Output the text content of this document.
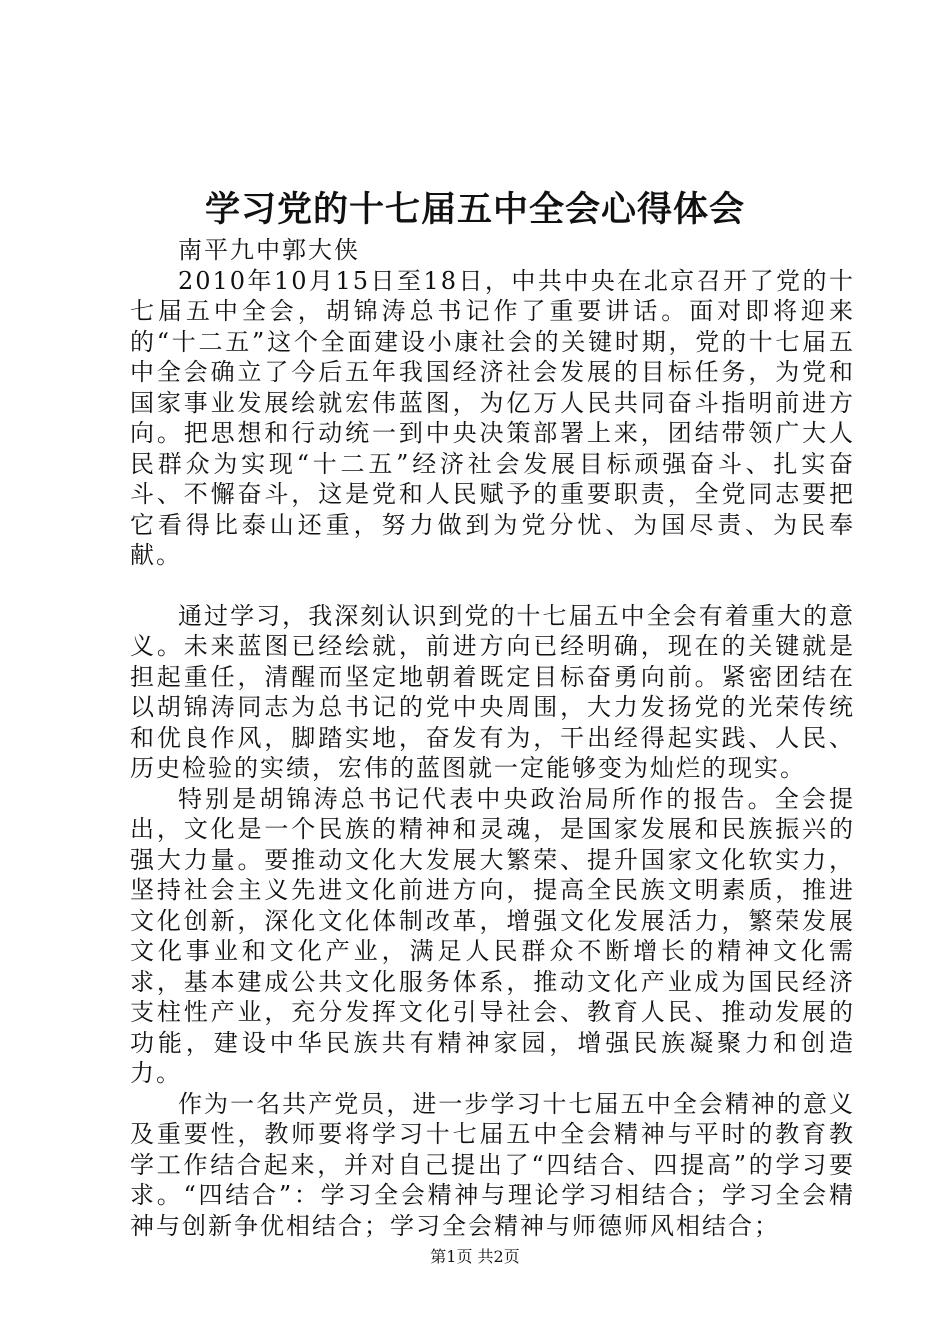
学习党的十七届五中全会心得体会

南平九中郭大侠

2010年10月15日至18日，中共中央在北京召开了党的十七届五中全会，胡锦涛总书记作了重要讲话。面对即将迎来的“十二五”这个全面建设小康社会的关键时期，党的十七届五中全会确立了今后五年我国经济社会发展的目标任务，为党和国家事业发展绘就宏伟蓝图，为亿万人民共同奋斗指明前进方向。把思想和行动统一到中央决策部署上来，团结带领广大人民群众为实现“十二五”经济社会发展目标顽强奋斗、扎实奋斗、不懈奋斗，这是党和人民赋予的重要职责，全党同志要把它看得比泰山还重，努力做到为党分忧、为国尽责、为民奉献。

通过学习，我深刻认识到党的十七届五中全会有着重大的意义。未来蓝图已经绘就，前进方向已经明确，现在的关键就是担起重任，清醒而坚定地朝着既定目标奋勇向前。紧密团结在以胡锦涛同志为总书记的党中央周围，大力发扬党的光荣传统和优良作风，脚踏实地，奋发有为，干出经得起实践、人民、历史检验的实绩，宏伟的蓝图就一定能够变为灿烂的现实。

特别是胡锦涛总书记代表中央政治局所作的报告。全会提出，文化是一个民族的精神和灵魂，是国家发展和民族振兴的强大力量。要推动文化大发展大繁荣、提升国家文化软实力，坚持社会主义先进文化前进方向，提高全民族文明素质，推进文化创新，深化文化体制改革，增强文化发展活力，繁荣发展文化事业和文化产业，满足人民群众不断增长的精神文化需求，基本建成公共文化服务体系，推动文化产业成为国民经济支柱性产业，充分发挥文化引导社会、教育人民、推动发展的功能，建设中华民族共有精神家园，增强民族凝聚力和创造力。

作为一名共产党员，进一步学习十七届五中全会精神的意义及重要性，教师要将学习十七届五中全会精神与平时的教育教学工作结合起来，并对自己提出了“四结合、四提高”的学习要求。“四结合”：学习全会精神与理论学习相结合；学习全会精神与创新争优相结合；学习全会精神与师德师风相结合；

第1页 共2页
